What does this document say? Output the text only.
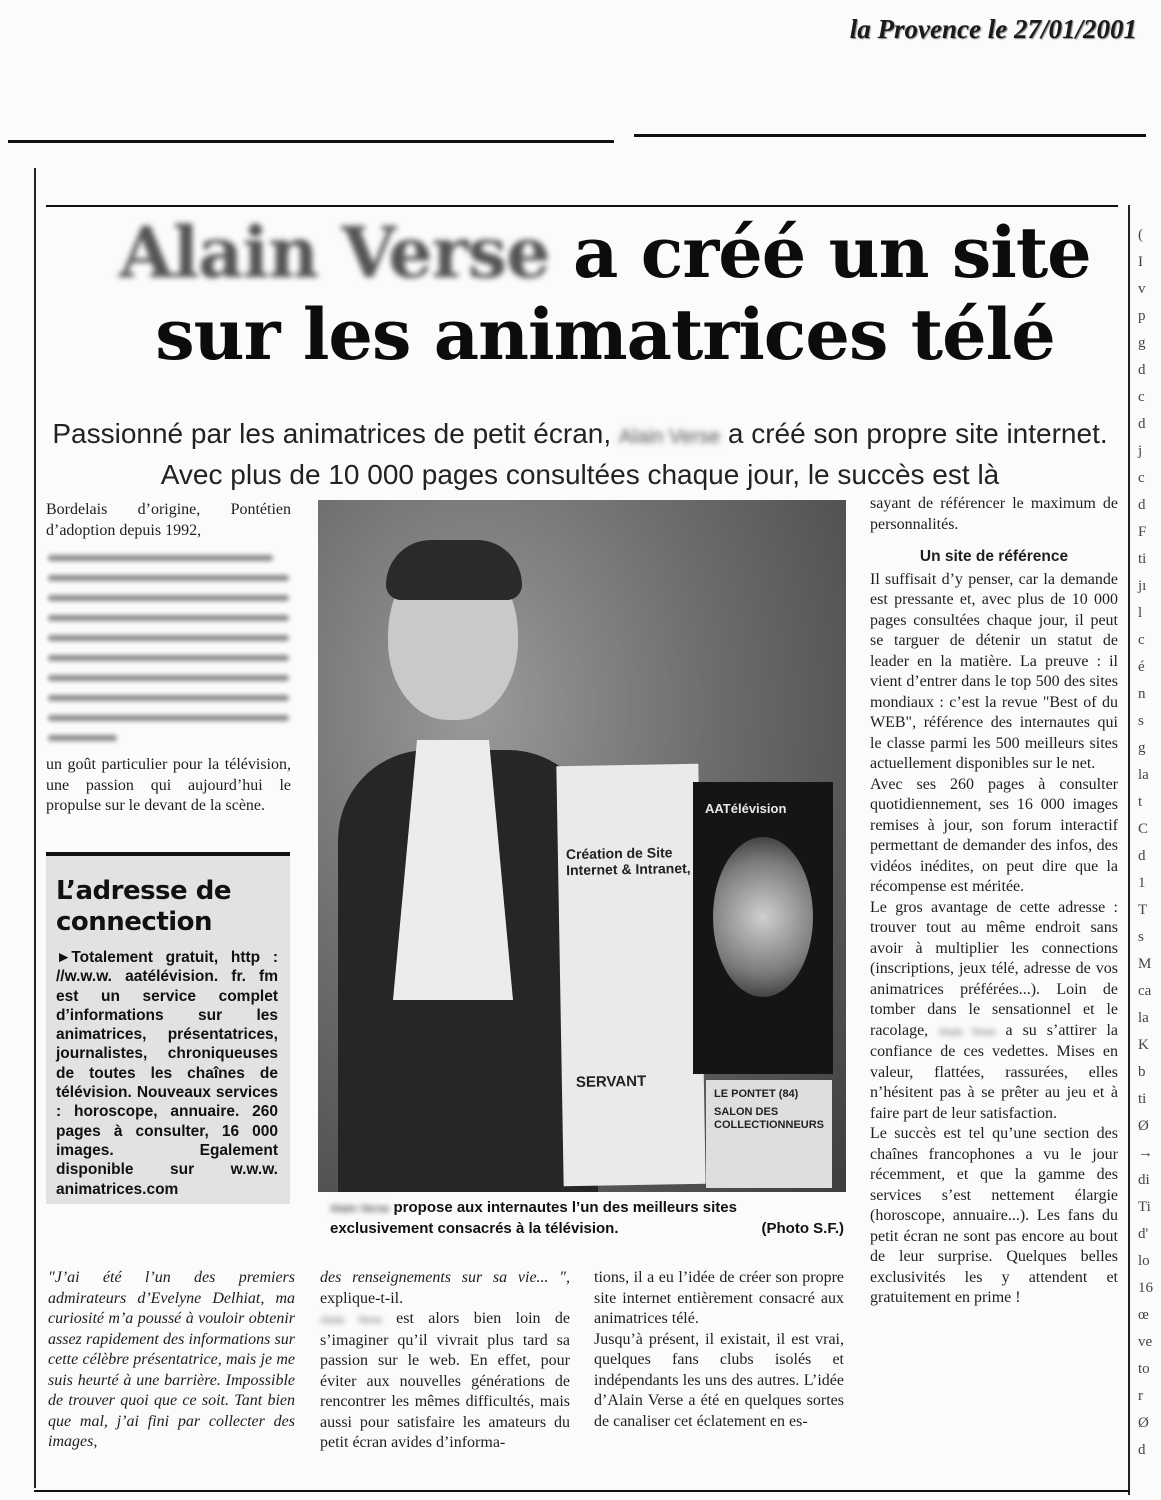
la Provence le 27/01/2001
Alain Verse a créé un site
sur les animatrices télé
Passionné par les animatrices de petit écran, Alain Verse a créé son propre site internet. Avec plus de 10 000 pages consultées chaque jour, le succès est là

Bordelais d’origine, Pontétien d’adoption depuis 1992,

un goût particulier pour la télévision, une passion qui aujourd’hui le propulse sur le devant de la scène.

L’adresse de connection
►Totalement gratuit, http : //w.w.w. aatélévision. fr. fm est un service complet d’informations sur les animatrices, présentatrices, journalistes, chroniqueuses de toutes les chaînes de télévision. Nouveaux services : horoscope, annuaire. 260 pages à consulter, 16 000 images. Egalement disponible sur w.w.w. animatrices.com
Création de Site Internet & Intranet,
SERVANT
AATélévision
LE PONTET (84)
SALON DES COLLECTIONNEURS
Alain Verse propose aux internautes l’un des meilleurs sites exclusivement consacrés à la télévision.	(Photo S.F.)

sayant de référencer le maximum de personnalités.

Un site de référence

Il suffisait d’y penser, car la demande est pressante et, avec plus de 10 000 pages consultées chaque jour, il peut se targuer de détenir un statut de leader en la matière. La preuve : il vient d’entrer dans le top 500 des sites mondiaux : c’est la revue "Best of du WEB", référence des internautes qui le classe parmi les 500 meilleurs sites actuellement disponibles sur le net.

Avec ses 260 pages à consulter quotidiennement, ses 16 000 images remises à jour, son forum interactif permettant de demander des infos, des vidéos inédites, on peut dire que la récompense est méritée.

Le gros avantage de cette adresse : trouver tout au même endroit sans avoir à multiplier les connections (inscriptions, jeux télé, adresse de vos animatrices préférées...). Loin de tomber dans le sensationnel et le racolage, Alain Verse a su s’attirer la confiance de ces vedettes. Mises en valeur, flattées, rassurées, elles n’hésitent pas à se prêter au jeu et à faire part de leur satisfaction.

Le succès est tel qu’une section des chaînes francophones a vu le jour récemment, et que la gamme des services s’est nettement élargie (horoscope, annuaire...). Les fans du petit écran ne sont pas encore au bout de leur surprise. Quelques belles exclusivités les y attendent et gratuitement en prime !

"J’ai été l’un des premiers admirateurs d’Evelyne Delhiat, ma curiosité m’a poussé à vouloir obtenir assez rapidement des informations sur cette célèbre présentatrice, mais je me suis heurté à une barrière. Impossible de trouver quoi que ce soit. Tant bien que mal, j’ai fini par collecter des images,

des renseignements sur sa vie... ", explique-t-il.

Alain Verse est alors bien loin de s’imaginer qu’il vivrait plus tard sa passion sur le web. En effet, pour éviter aux nouvelles générations de rencontrer les mêmes difficultés, mais aussi pour satisfaire les amateurs du petit écran avides d’informa-

tions, il a eu l’idée de créer son propre site internet entièrement consacré aux animatrices télé.

Jusqu’à présent, il existait, il est vrai, quelques fans clubs isolés et indépendants les uns des autres. L’idée d’Alain Verse a été en quelques sortes de canaliser cet éclatement en es-

(
I
v
p
g
d
c
d
j
c
d
F
ti
jı
l
c
é
n
s
g
la
t
C
d
1
T
s
M
ca
la
K
b
ti
Ø
→
di
Ti
d'
lo
16
œ
ve
to
r
Ø
d
